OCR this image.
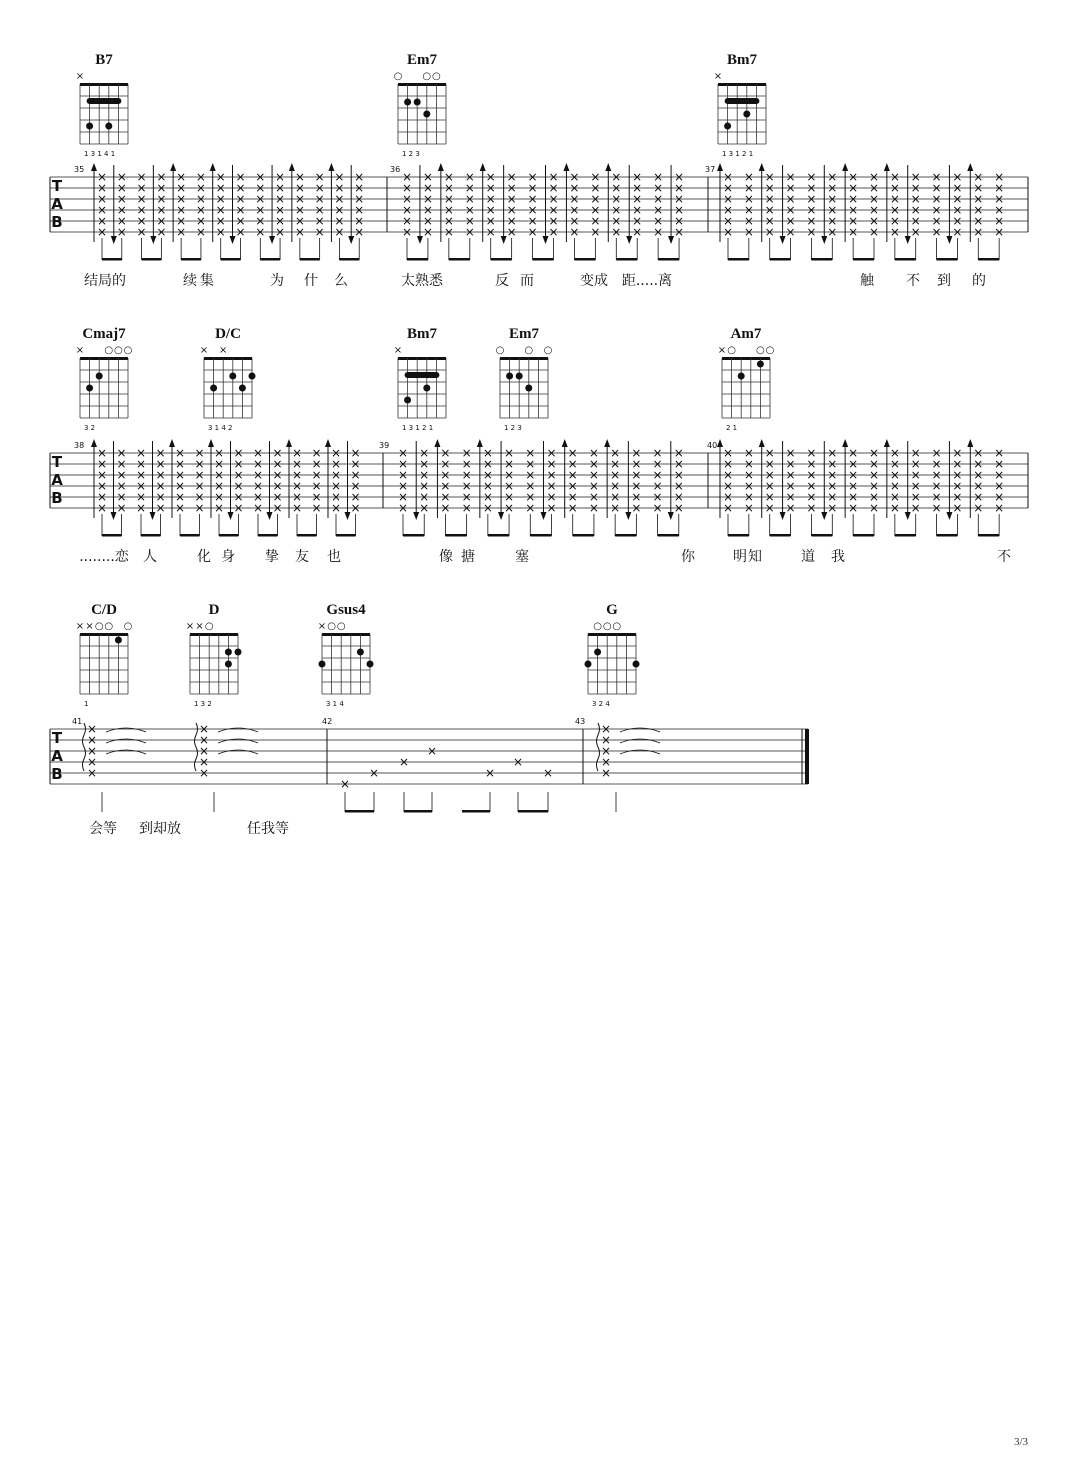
T
A
B
35	36	37
×
×
×
×
×
×
×
×
×
×
×
×
×
×
×
×
×
×
×
×
×
×
×
×
×
×
×
×
×
×
×
×
×
×
×
×
×
×
×
×
×
×
×
×
×
×
×
×
×
×
×
×
×
×
×
×
×
×
×
×
×
×
×
×
×
×
×
×
×
×
×
×
×
×
×
×
×
×
×
×
×
×
×
×
×
×
×
×
×
×
×
×
×
×
×
×
×
×
×
×
×
×
×
×
×
×
×
×
×
×
×
×
×
×
×
×
×
×
×
×
×
×
×
×
×
×
×
×
×
×
×
×
×
×
×
×
×
×
×
×
×
×
×
×
×
×
×
×
×
×
×
×
×
×
×
×
×
×
×
×
×
×
×
×
×
×
×
×
×
×
×
×
×
×
×
×
×
×
×
×
×
×
×
×
×
×
×
×
×
×
×
×
×
×
×
×
×
×
×
×
×
×
×
×
×
×
×
×
×
×
×
×
×
×
×
×
×
×
×
×
×
×
×
×
×
×
×
×
×
×
×
×
×
×
×
×
×
×
×
×
×
×
×
×
×
×
×
×
×
×
×
×
结局的	续 集	为 什 么	太熟悉	反 而	变成 距.....离	触 不 到 的
B7
×
1 3 1 4 1
Em7
○ ○ ○
1 2 3
Bm7
×
1 3 1 2 1
T
A
B
38	39	40
×
×
×
×
×
×
×
×
×
×
×
×
×
×
×
×
×
×
×
×
×
×
×
×
×
×
×
×
×
×
×
×
×
×
×
×
×
×
×
×
×
×
×
×
×
×
×
×
×
×
×
×
×
×
×
×
×
×
×
×
×
×
×
×
×
×
×
×
×
×
×
×
×
×
×
×
×
×
×
×
×
×
×
×
×
×
×
×
×
×
×
×
×
×
×
×
×
×
×
×
×
×
×
×
×
×
×
×
×
×
×
×
×
×
×
×
×
×
×
×
×
×
×
×
×
×
×
×
×
×
×
×
×
×
×
×
×
×
×
×
×
×
×
×
×
×
×
×
×
×
×
×
×
×
×
×
×
×
×
×
×
×
×
×
×
×
×
×
×
×
×
×
×
×
×
×
×
×
×
×
×
×
×
×
×
×
×
×
×
×
×
×
×
×
×
×
×
×
×
×
×
×
×
×
×
×
×
×
×
×
×
×
×
×
×
×
×
×
×
×
×
×
×
×
×
×
×
×
×
×
×
×
×
×
×
×
×
×
×
×
×
×
×
×
×
×
×
×
×
×
×
×
........恋 人	化 身 挚 友 也	像 搪	塞	你	明 知	道 我	不
Cmaj7
× ○ ○ ○
3 2
D/C
× ×
3 1 4 2
Bm7
×
1 3 1 2 1
Em7
○ ○ ○
1 2 3
Am7
× ○ ○ ○
2 1
T
A
B
41	42	43
×
×
×
×
×
×
×
×
×
×
×
×
×
×
×
×
×
×
×
×
×
×
会等 到却放	任我等
C/D
× × ○ ○ ○
1
D
× × ○
1 3 2
Gsus4
× ○ ○
3 1 4
G
○ ○ ○
3 2 4
3/3
